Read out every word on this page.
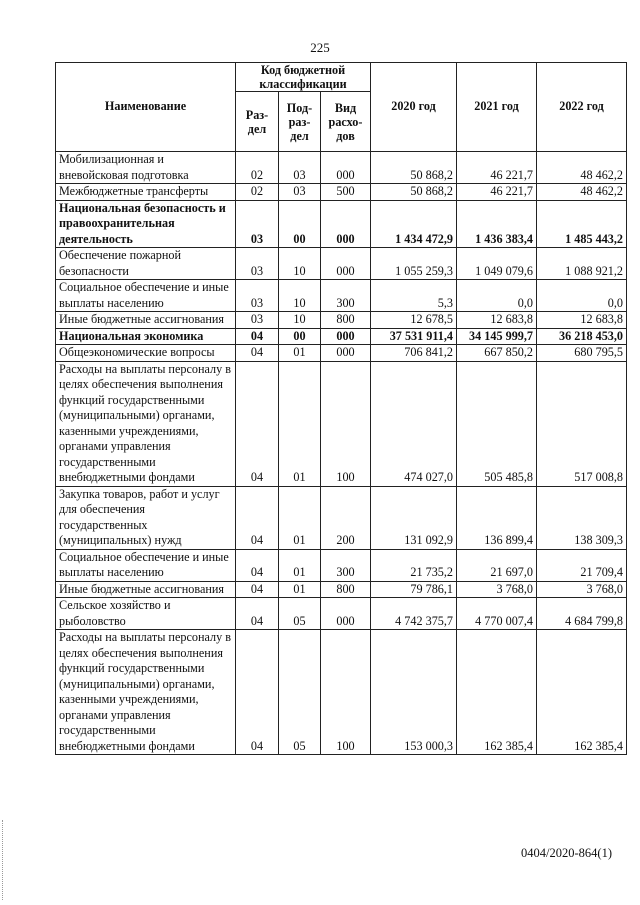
225
Наименование	Код бюджетной классификации			2020 год	2021 год	2022 год
	Раз-дел	Под-раз-дел	Вид расхо-дов			
Мобилизационная и вневойсковая подготовка	02	03	000	50 868,2	46 221,7	48 462,2
Межбюджетные трансферты	02	03	500	50 868,2	46 221,7	48 462,2
Национальная безопасность и правоохранительная деятельность	03	00	000	1 434 472,9	1 436 383,4	1 485 443,2
Обеспечение пожарной безопасности	03	10	000	1 055 259,3	1 049 079,6	1 088 921,2
Социальное обеспечение и иные выплаты населению	03	10	300	5,3	0,0	0,0
Иные бюджетные ассигнования	03	10	800	12 678,5	12 683,8	12 683,8
Национальная экономика	04	00	000	37 531 911,4	34 145 999,7	36 218 453,0
Общеэкономические вопросы	04	01	000	706 841,2	667 850,2	680 795,5
Расходы на выплаты персоналу в целях обеспечения выполнения функций государственными (муниципальными) органами, казенными учреждениями, органами управления государственными внебюджетными фондами	04	01	100	474 027,0	505 485,8	517 008,8
Закупка товаров, работ и услуг для обеспечения государственных (муниципальных) нужд	04	01	200	131 092,9	136 899,4	138 309,3
Социальное обеспечение и иные выплаты населению	04	01	300	21 735,2	21 697,0	21 709,4
Иные бюджетные ассигнования	04	01	800	79 786,1	3 768,0	3 768,0
Сельское хозяйство и рыболовство	04	05	000	4 742 375,7	4 770 007,4	4 684 799,8
Расходы на выплаты персоналу в целях обеспечения выполнения функций государственными (муниципальными) органами, казенными учреждениями, органами управления государственными внебюджетными фондами	04	05	100	153 000,3	162 385,4	162 385,4
0404/2020-864(1)
